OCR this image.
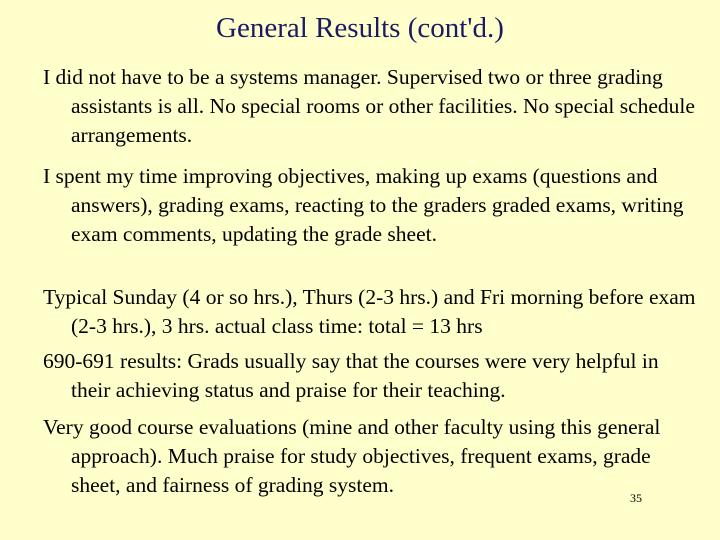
General Results (cont'd.)
I did not have to be a systems manager. Supervised two or three grading assistants is all. No special rooms or other facilities. No special schedule arrangements.
I spent my time improving objectives, making up exams (questions and answers), grading exams, reacting to the graders graded exams, writing exam comments, updating the grade sheet.
Typical Sunday (4 or so hrs.), Thurs (2-3 hrs.) and Fri morning before exam (2-3 hrs.), 3 hrs. actual class time: total = 13 hrs
690-691 results: Grads usually say that the courses were very helpful in their achieving status and praise for their teaching.
Very good course evaluations (mine and other faculty using this general approach). Much praise for study objectives, frequent exams, grade sheet, and fairness of grading system.
35
